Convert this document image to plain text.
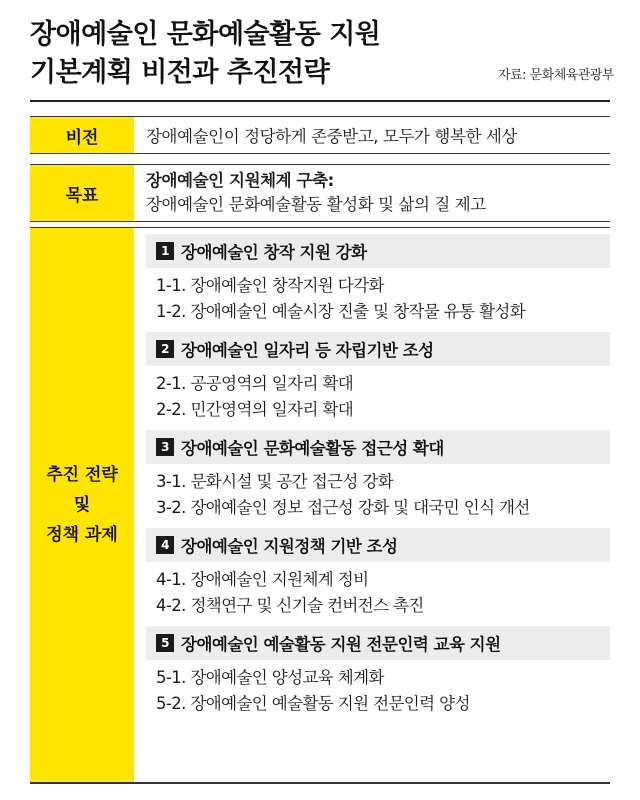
장애예술인 문화예술활동 지원
기본계획 비전과 추진전략	자료: 문화체육관광부
비전	장애예술인이 정당하게 존중받고, 모두가 행복한 세상
목표
장애예술인 지원체계 구축:
장애예술인 문화예술활동 활성화 및 삶의 질 제고
추진 전략
및
정책 과제
1 장애예술인 창작 지원 강화
1-1. 장애예술인 창작지원 다각화
1-2. 장애예술인 예술시장 진출 및 창작물 유통 활성화
2 장애예술인 일자리 등 자립기반 조성
2-1. 공공영역의 일자리 확대
2-2. 민간영역의 일자리 확대
3 장애예술인 문화예술활동 접근성 확대
3-1. 문화시설 및 공간 접근성 강화
3-2. 장애예술인 정보 접근성 강화 및 대국민 인식 개선
4 장애예술인 지원정책 기반 조성
4-1. 장애예술인 지원체계 정비
4-2. 정책연구 및 신기술 컨버전스 촉진
5 장애예술인 예술활동 지원 전문인력 교육 지원
5-1. 장애예술인 양성교육 체계화
5-2. 장애예술인 예술활동 지원 전문인력 양성
